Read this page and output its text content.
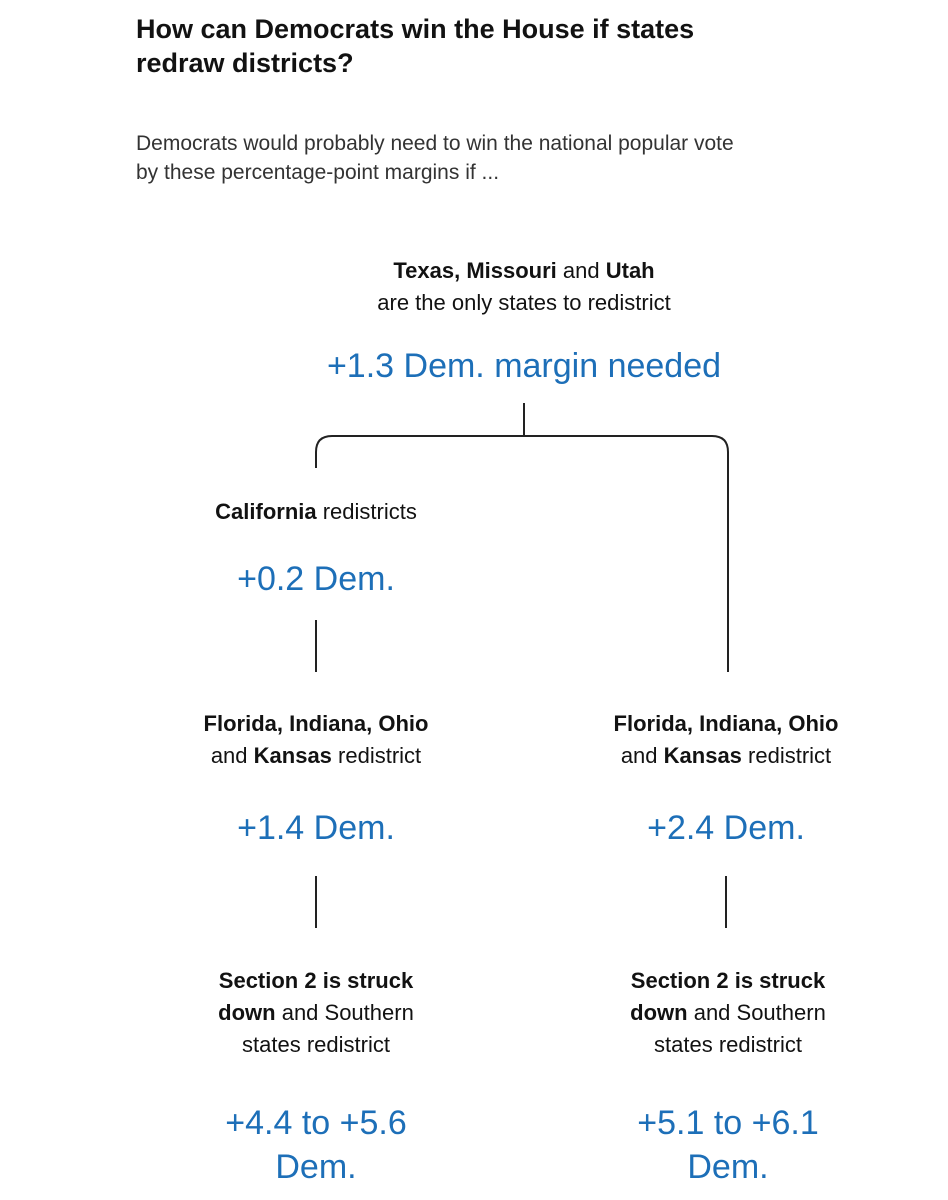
How can Democrats win the House if states redraw districts?

Democrats would probably need to win the national popular vote by these percentage-point margins if ...

Texas, Missouri and Utah
are the only states to redistrict
+1.3 Dem. margin needed
California redistricts
+0.2 Dem.
Florida, Indiana, Ohio
and Kansas redistrict
+1.4 Dem.
Section 2 is struck
down and Southern
states redistrict
+4.4 to +5.6
Dem.
Florida, Indiana, Ohio
and Kansas redistrict
+2.4 Dem.
Section 2 is struck
down and Southern
states redistrict
+5.1 to +6.1
Dem.
